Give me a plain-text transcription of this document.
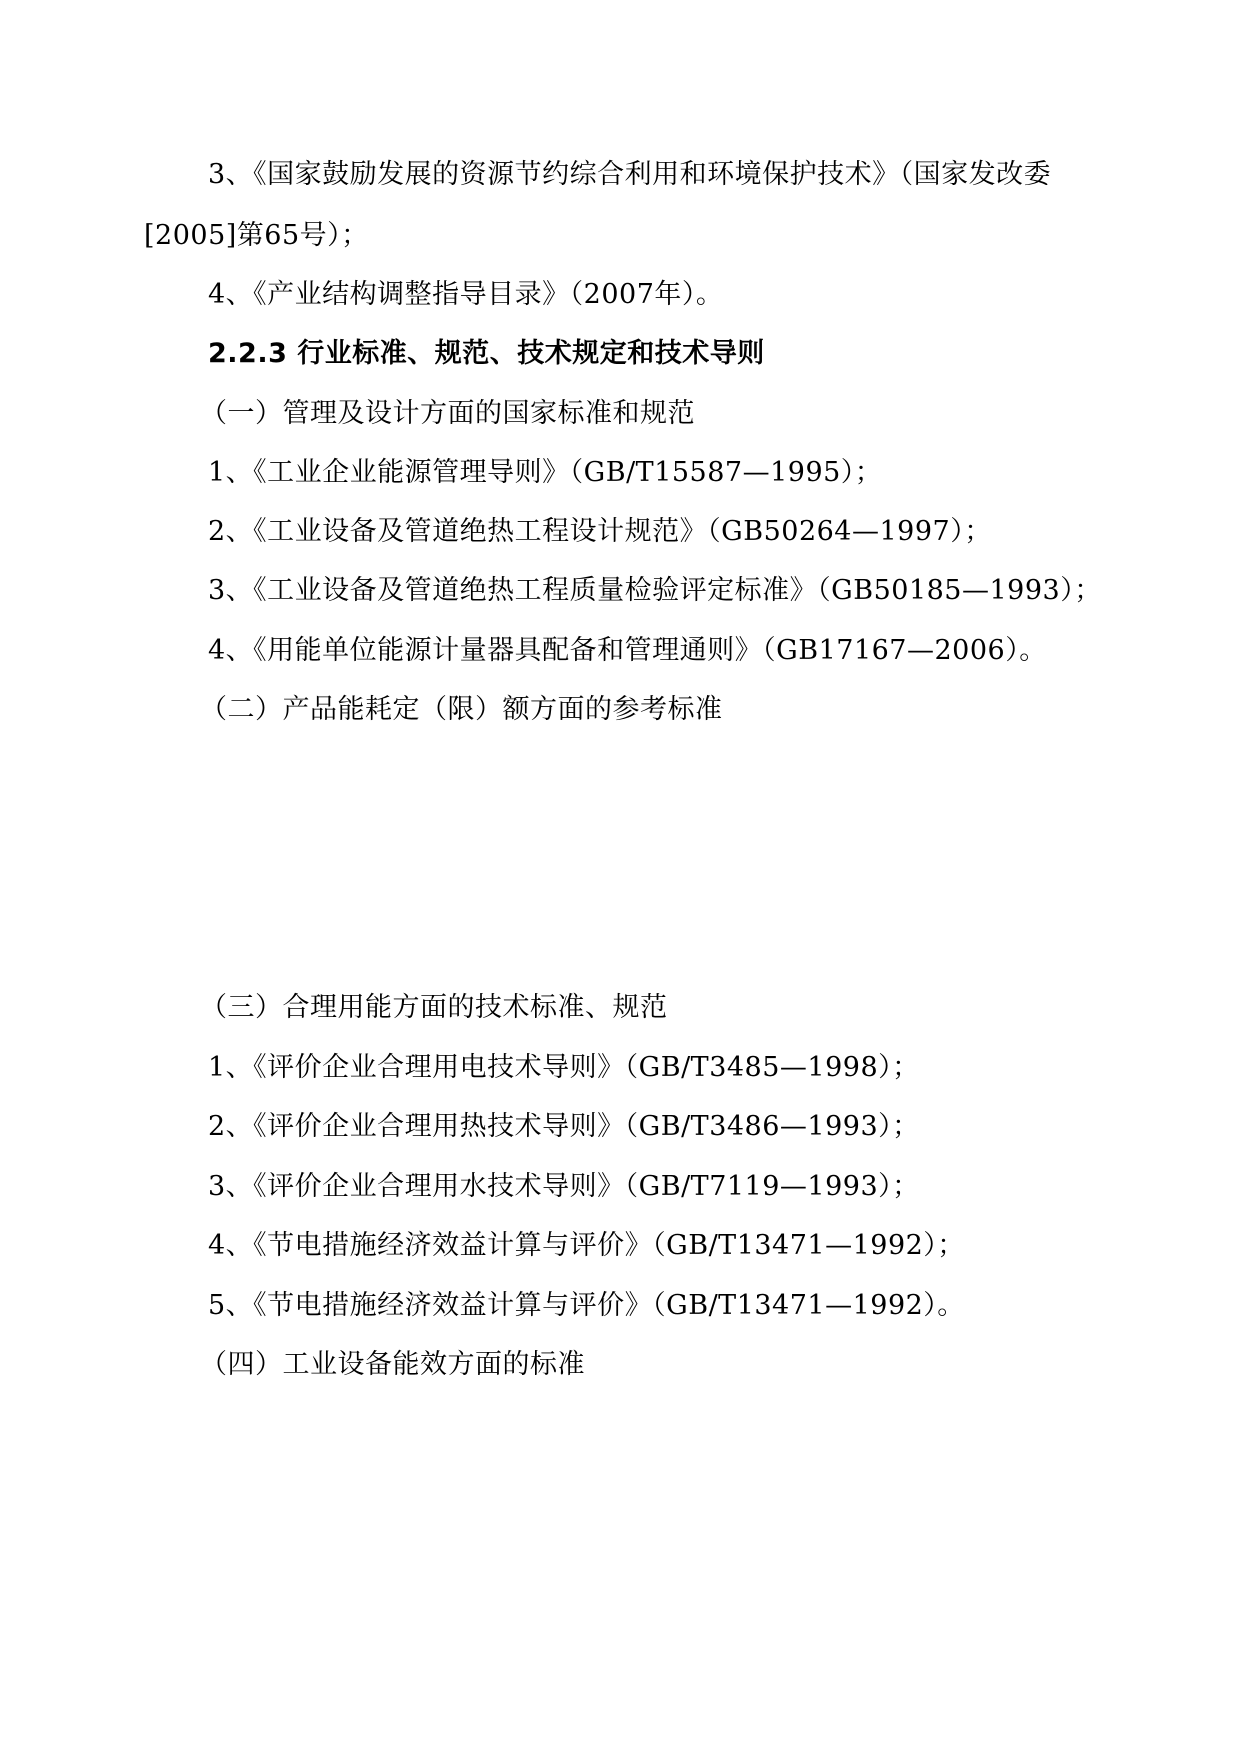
3、《国家鼓励发展的资源节约综合利用和环境保护技术》（国家发改委
[2005]第65号）；
4、《产业结构调整指导目录》（2007年）。
2.2.3 行业标准、规范、技术规定和技术导则
（一）管理及设计方面的国家标准和规范
1、《工业企业能源管理导则》（GB/T15587—1995）；
2、《工业设备及管道绝热工程设计规范》（GB50264—1997）；
3、《工业设备及管道绝热工程质量检验评定标准》（GB50185—1993）；
4、《用能单位能源计量器具配备和管理通则》（GB17167—2006）。
（二）产品能耗定（限）额方面的参考标准
（三）合理用能方面的技术标准、规范
1、《评价企业合理用电技术导则》（GB/T3485—1998）；
2、《评价企业合理用热技术导则》（GB/T3486—1993）；
3、《评价企业合理用水技术导则》（GB/T7119—1993）；
4、《节电措施经济效益计算与评价》（GB/T13471—1992）；
5、《节电措施经济效益计算与评价》（GB/T13471—1992）。
（四）工业设备能效方面的标准
